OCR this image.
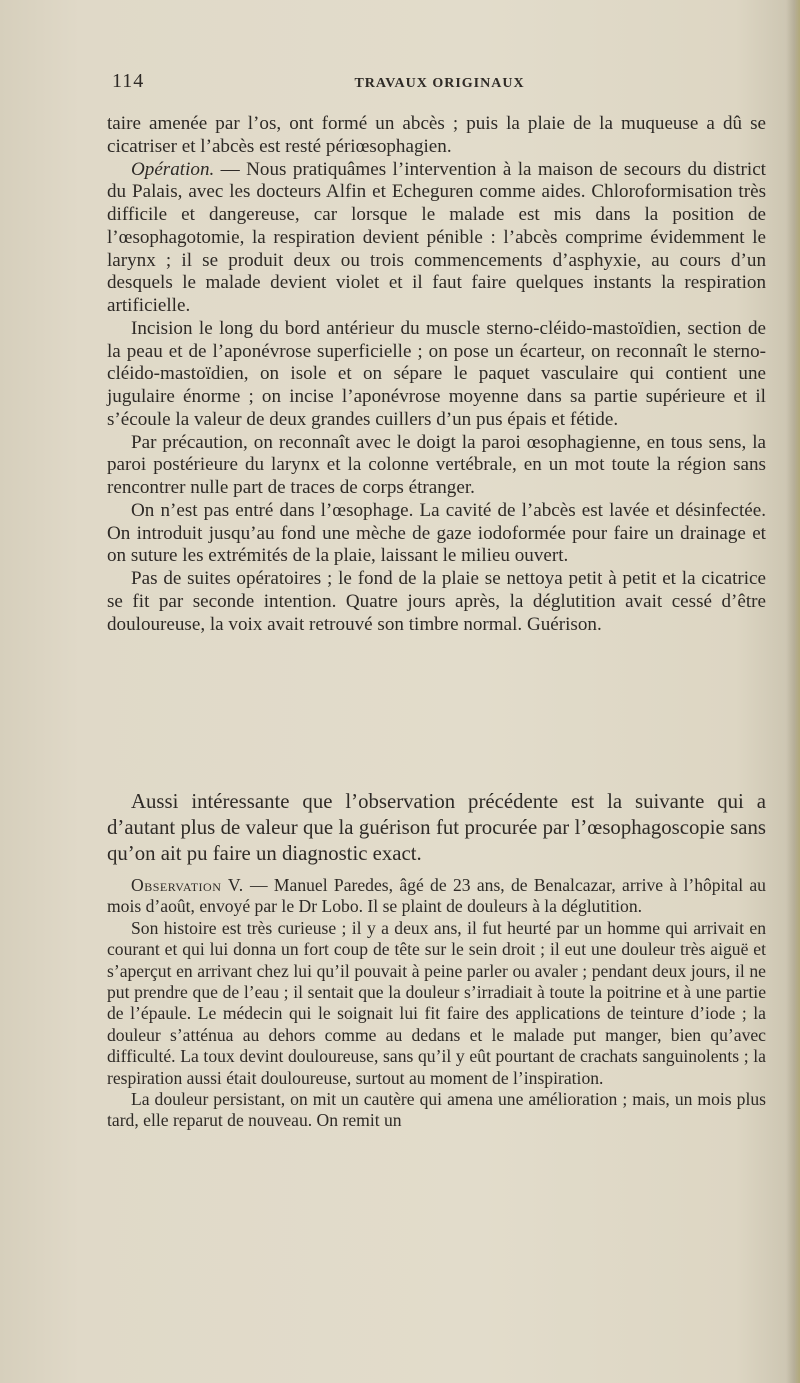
114	TRAVAUX ORIGINAUX

taire amenée par l’os, ont formé un abcès ; puis la plaie de la muqueuse a dû se cicatriser et l’abcès est resté périœsophagien.

Opération. — Nous pratiquâmes l’intervention à la maison de secours du district du Palais, avec les docteurs Alfin et Echeguren comme aides. Chloroformisation très difficile et dangereuse, car lorsque le malade est mis dans la position de l’œsophagotomie, la respiration devient pénible : l’abcès comprime évidemment le larynx ; il se produit deux ou trois commencements d’asphyxie, au cours d’un desquels le malade devient violet et il faut faire quelques instants la respiration artificielle.

Incision le long du bord antérieur du muscle sterno-cléido-mastoïdien, section de la peau et de l’aponévrose superficielle ; on pose un écarteur, on reconnaît le sterno-cléido-mastoïdien, on isole et on sépare le paquet vasculaire qui contient une jugulaire énorme ; on incise l’aponévrose moyenne dans sa partie supérieure et il s’écoule la valeur de deux grandes cuillers d’un pus épais et fétide.

Par précaution, on reconnaît avec le doigt la paroi œsophagienne, en tous sens, la paroi postérieure du larynx et la colonne vertébrale, en un mot toute la région sans rencontrer nulle part de traces de corps étranger.

On n’est pas entré dans l’œsophage. La cavité de l’abcès est lavée et désinfectée. On introduit jusqu’au fond une mèche de gaze iodoformée pour faire un drainage et on suture les extrémités de la plaie, laissant le milieu ouvert.

Pas de suites opératoires ; le fond de la plaie se nettoya petit à petit et la cicatrice se fit par seconde intention. Quatre jours après, la déglutition avait cessé d’être douloureuse, la voix avait retrouvé son timbre normal. Guérison.

Aussi intéressante que l’observation précédente est la suivante qui a d’autant plus de valeur que la guérison fut procurée par l’œsophagoscopie sans qu’on ait pu faire un diagnostic exact.

Observation V. — Manuel Paredes, âgé de 23 ans, de Benalcazar, arrive à l’hôpital au mois d’août, envoyé par le Dr Lobo. Il se plaint de douleurs à la déglutition.

Son histoire est très curieuse ; il y a deux ans, il fut heurté par un homme qui arrivait en courant et qui lui donna un fort coup de tête sur le sein droit ; il eut une douleur très aiguë et s’aperçut en arrivant chez lui qu’il pouvait à peine parler ou avaler ; pendant deux jours, il ne put prendre que de l’eau ; il sentait que la douleur s’irradiait à toute la poitrine et à une partie de l’épaule. Le médecin qui le soignait lui fit faire des applications de teinture d’iode ; la douleur s’atténua au dehors comme au dedans et le malade put manger, bien qu’avec difficulté. La toux devint douloureuse, sans qu’il y eût pourtant de crachats sanguinolents ; la respiration aussi était douloureuse, surtout au moment de l’inspiration.

La douleur persistant, on mit un cautère qui amena une amélioration ; mais, un mois plus tard, elle reparut de nouveau. On remit un
